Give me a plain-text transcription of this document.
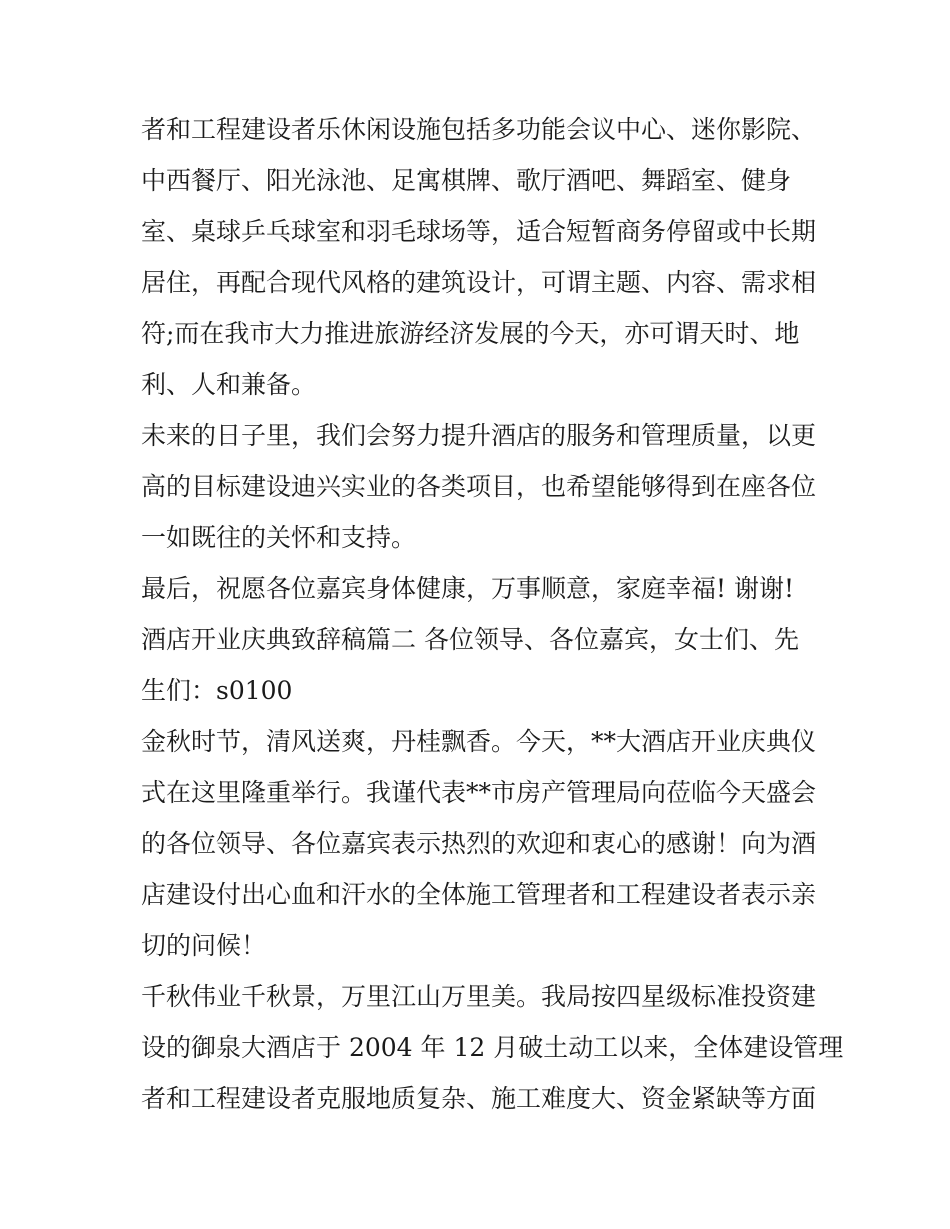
者和工程建设者乐休闲设施包括多功能会议中心、迷你影院、
中西餐厅、阳光泳池、足寓棋牌、歌厅酒吧、舞蹈室、健身
室、桌球乒乓球室和羽毛球场等，适合短暂商务停留或中长期
居住，再配合现代风格的建筑设计，可谓主题、内容、需求相
符;而在我市大力推进旅游经济发展的今天，亦可谓天时、地
利、人和兼备。
未来的日子里，我们会努力提升酒店的服务和管理质量，以更
高的目标建设迪兴实业的各类项目，也希望能够得到在座各位
一如既往的关怀和支持。
最后，祝愿各位嘉宾身体健康，万事顺意，家庭幸福! 谢谢!
酒店开业庆典致辞稿篇二 各位领导、各位嘉宾，女士们、先
生们：s0100
金秋时节，清风送爽，丹桂飘香。今天，**大酒店开业庆典仪
式在这里隆重举行。我谨代表**市房产管理局向莅临今天盛会
的各位领导、各位嘉宾表示热烈的欢迎和衷心的感谢！向为酒
店建设付出心血和汗水的全体施工管理者和工程建设者表示亲
切的问候！
千秋伟业千秋景，万里江山万里美。我局按四星级标准投资建
设的御泉大酒店于 2004 年 12 月破土动工以来，全体建设管理
者和工程建设者克服地质复杂、施工难度大、资金紧缺等方面
